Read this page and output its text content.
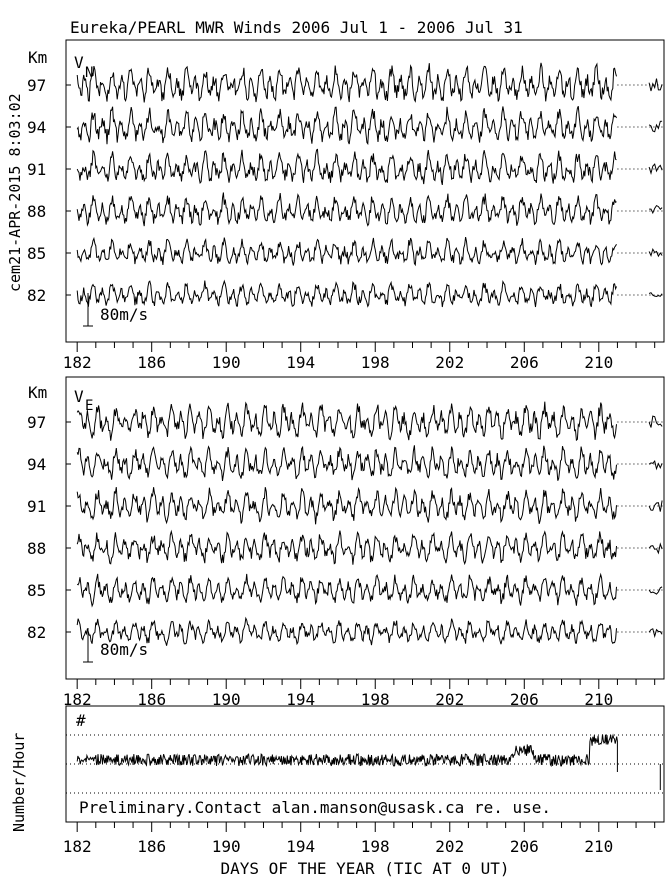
Eureka/PEARL MWR Winds 2006 Jul 1 - 2006 Jul 31
cem21-APR-2015 8:03:02
Km V
N
97
94
91
88
85
82
182	186	190	194	198	202	206	210
80m/s
Km V E
97
94
91
88
85
82
182	186	190	194	198	202	206	210
80m/s
Number/Hour
#
182	186	190	194	198	202	206	210
Preliminary.Contact alan.manson@usask.ca re. use.
DAYS OF THE YEAR (TIC AT 0 UT)
